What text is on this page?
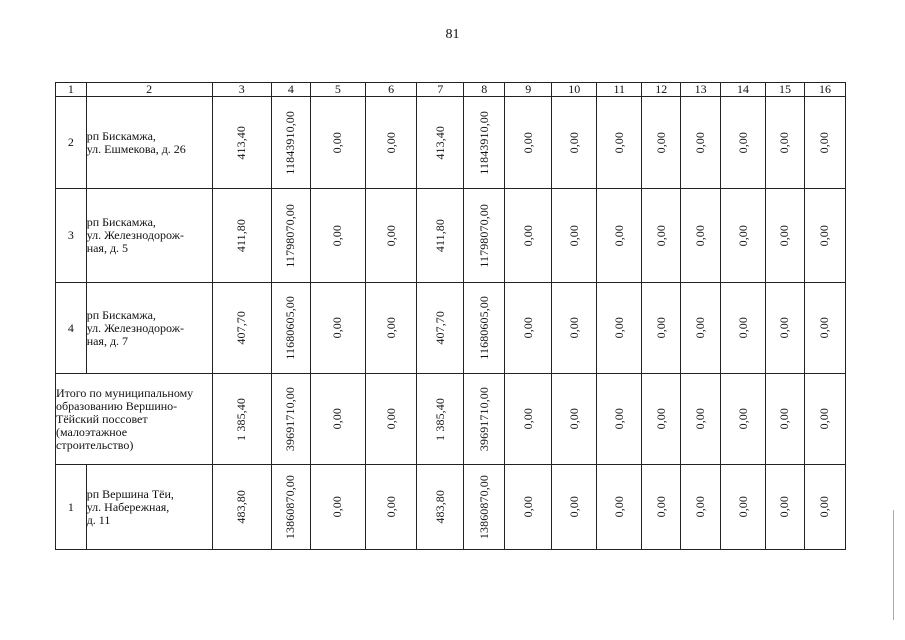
81
1	2	3	4	5	6	7	8	9	10	11	12	13	14	15	16
2	рп Бискамжа,
ул. Ешмекова, д. 26	413,40	11843910,00	0,00	0,00	413,40	11843910,00	0,00	0,00	0,00	0,00	0,00	0,00	0,00	0,00

3	рп Бискамжа,
ул. Железнодорож-
ная, д. 5	411,80	11798070,00	0,00	0,00	411,80	11798070,00	0,00	0,00	0,00	0,00	0,00	0,00	0,00	0,00

4	рп Бискамжа,
ул. Железнодорож-
ная, д. 7	407,70	11680605,00	0,00	0,00	407,70	11680605,00	0,00	0,00	0,00	0,00	0,00	0,00	0,00	0,00

Итого по муниципальному
образованию Вершино-
Тёйский поссовет
(малоэтажное
строительство)		1 385,40	39691710,00	0,00	0,00	1 385,40	39691710,00	0,00	0,00	0,00	0,00	0,00	0,00	0,00	0,00

1	рп Вершина Тёи,
ул. Набережная,
д. 11	483,80	13860870,00	0,00	0,00	483,80	13860870,00	0,00	0,00	0,00	0,00	0,00	0,00	0,00	0,00
